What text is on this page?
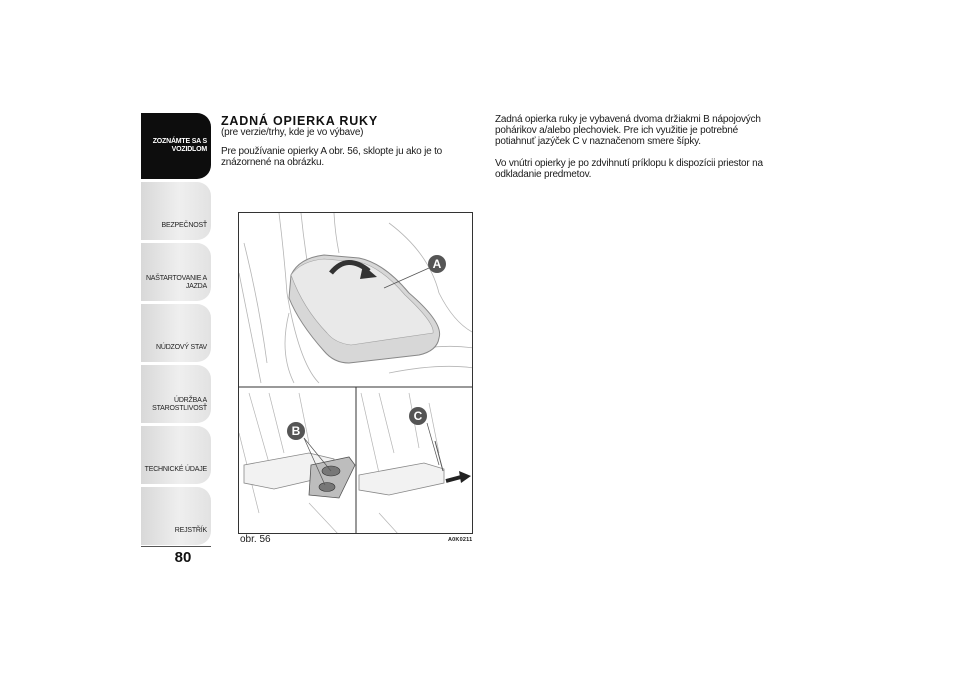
ZOZNÁMTE SA S VOZIDLOM
BEZPEČNOSŤ
NAŠTARTOVANIE A JAZDA
NÚDZOVÝ STAV
ÚDRŽBA A STAROSTLIVOSŤ
TECHNICKÉ ÚDAJE
REJSTŘÍK
80
ZADNÁ OPIERKA RUKY
(pre verzie/trhy, kde je vo výbave)
Pre používanie opierky A obr. 56, sklopte ju ako je to znázornené na obrázku.
Zadná opierka ruky je vybavená dvoma držiakmi B nápojových pohárikov a/alebo plechoviek. Pre ich využitie je potrebné potiahnuť jazýček C v naznačenom smere šípky.
Vo vnútri opierky je po zdvihnutí príklopu k dispozícii priestor na odkladanie predmetov.
A
B
C
obr. 56	A0K0211
